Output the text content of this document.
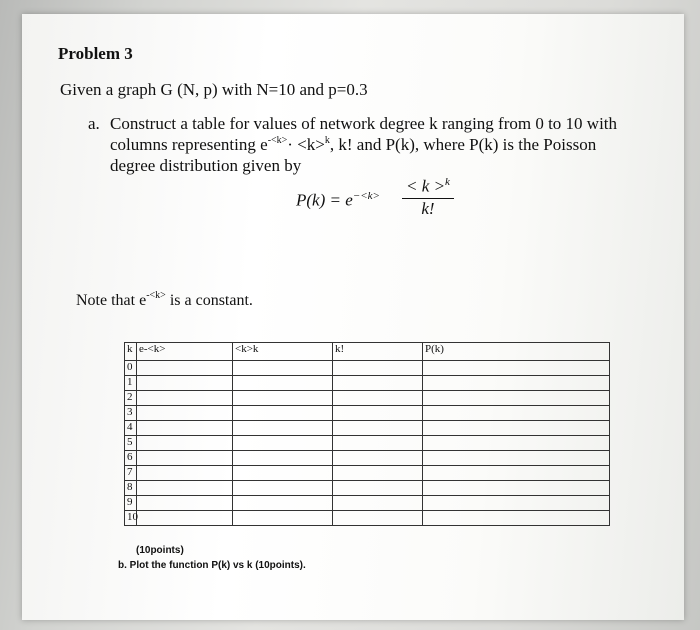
Problem 3
Given a graph G (N, p) with N=10 and p=0.3
a. Construct a table for values of network degree k ranging from 0 to 10 with
columns representing $e^{-<k>}\cdot <k>^k$, k! and P(k), where P(k) is the Poisson
degree distribution given by
$P(k) = e^{-<k>} \frac{< k >^k}{k!}$
Note that $e^{-<k>}$ is a constant.
k	e-<k>	<k>k	k!	P(k)
0				
1				
2				
3				
4				
5				
6				
7				
8				
9				
10				
(10points)
b. Plot the function P(k) vs k (10points).
